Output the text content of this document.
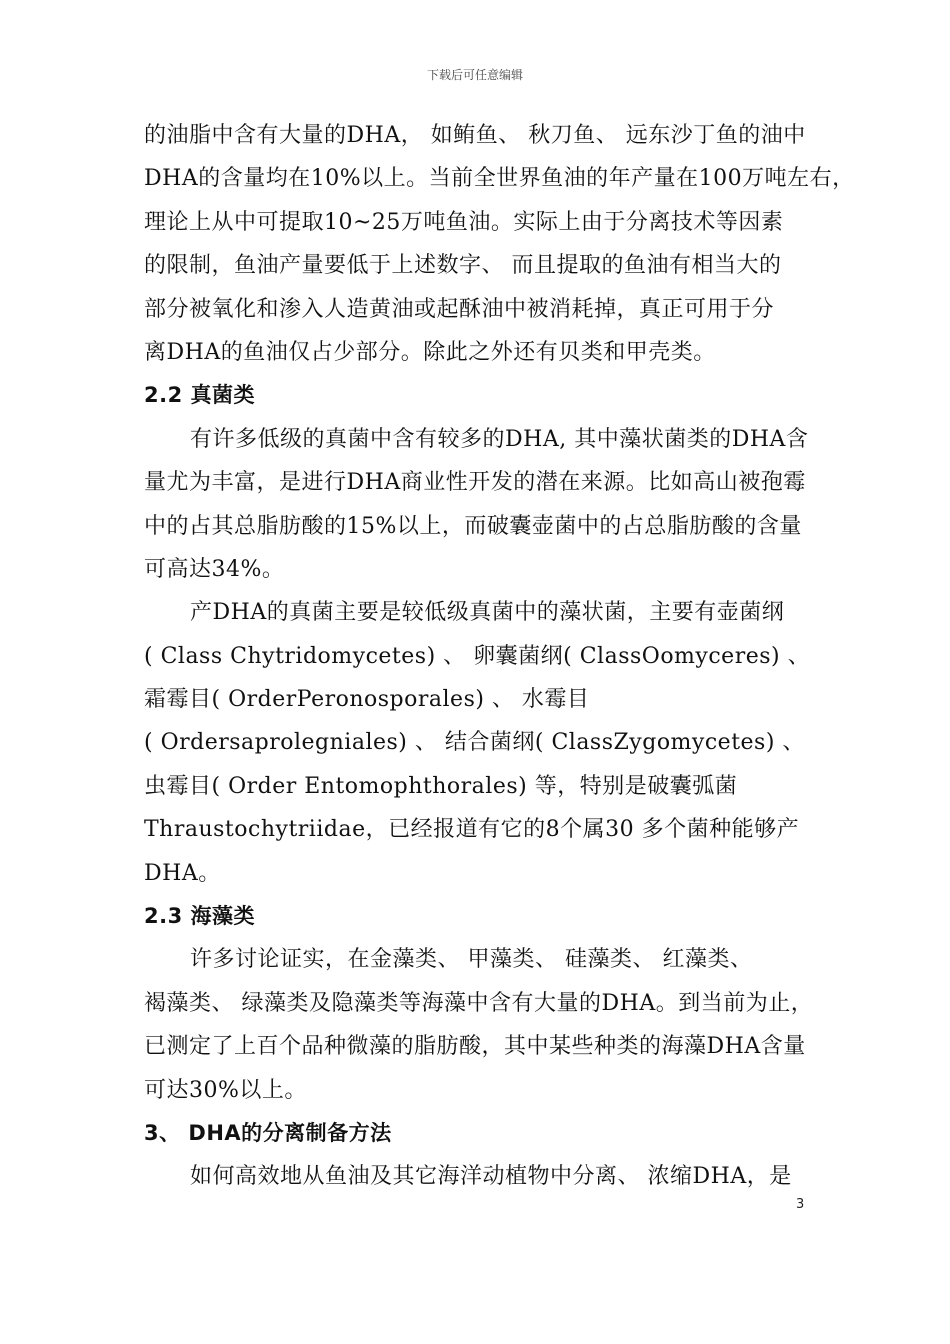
下载后可任意编辑
的油脂中含有大量的DHA， 如鲔鱼、 秋刀鱼、 远东沙丁鱼的油中
DHA的含量均在10%以上。当前全世界鱼油的年产量在100万吨左右，
理论上从中可提取10~25万吨鱼油。实际上由于分离技术等因素
的限制，鱼油产量要低于上述数字、 而且提取的鱼油有相当大的
部分被氧化和渗入人造黄油或起酥油中被消耗掉，真正可用于分
离DHA的鱼油仅占少部分。除此之外还有贝类和甲壳类。
2.2 真菌类
有许多低级的真菌中含有较多的DHA, 其中藻状菌类的DHA含
量尤为丰富，是进行DHA商业性开发的潜在来源。比如高山被孢霉
中的占其总脂肪酸的15%以上，而破囊壶菌中的占总脂肪酸的含量
可高达34%。
产DHA的真菌主要是较低级真菌中的藻状菌，主要有壶菌纲
( Class Chytridomycetes) 、 卵囊菌纲( ClassOomyceres) 、
霜霉目( OrderPeronosporales) 、 水霉目
( Ordersaprolegniales) 、 结合菌纲( ClassZygomycetes) 、
虫霉目( Order Entomophthorales) 等，特别是破囊弧菌
Thraustochytriidae，已经报道有它的8个属30 多个菌种能够产
DHA。
2.3 海藻类
许多讨论证实，在金藻类、 甲藻类、 硅藻类、 红藻类、
褐藻类、 绿藻类及隐藻类等海藻中含有大量的DHA。到当前为止，
已测定了上百个品种微藻的脂肪酸，其中某些种类的海藻DHA含量
可达30%以上。
3、 DHA的分离制备方法
如何高效地从鱼油及其它海洋动植物中分离、 浓缩DHA，是
3
